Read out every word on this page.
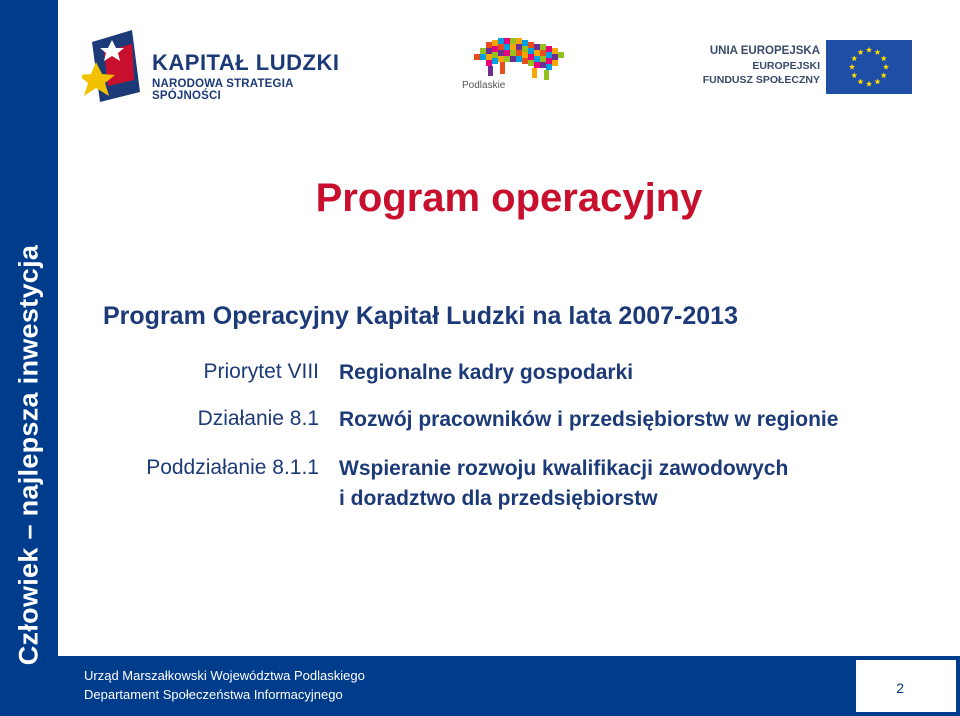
Człowiek – najlepsza inwestycja
KAPITAŁ LUDZKI
NARODOWA STRATEGIA SPÓJNOŚCI
Podlaskie
UNIA EUROPEJSKA
EUROPEJSKI
FUNDUSZ SPOŁECZNY
Program operacyjny
Program Operacyjny Kapitał Ludzki na lata 2007-2013
Priorytet VIII Regionalne kadry gospodarki
Działanie 8.1 Rozwój pracowników i przedsiębiorstw w regionie
Poddziałanie 8.1.1 Wspieranie rozwoju kwalifikacji zawodowych
i doradztwo dla przedsiębiorstw
Urząd Marszałkowski Województwa Podlaskiego
Departament Społeczeństwa Informacyjnego	2
